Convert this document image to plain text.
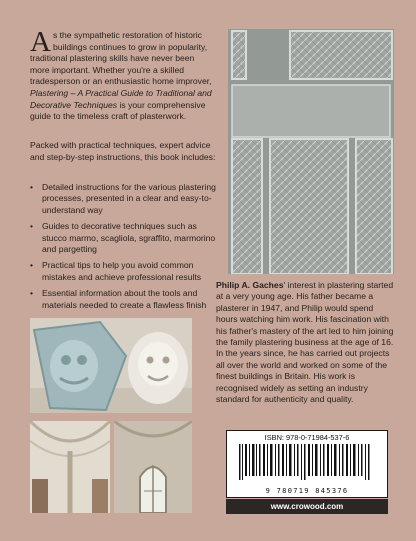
As the sympathetic restoration of historic buildings continues to grow in popularity, traditional plastering skills have never been more important. Whether you're a skilled tradesperson or an enthusiastic home improver, Plastering – A Practical Guide to Traditional and Decorative Techniques is your comprehensive guide to the timeless craft of plasterwork.

Packed with practical techniques, expert advice and step-by-step instructions, this book includes:

• Detailed instructions for the various plastering processes, presented in a clear and easy-to-understand way
• Guides to decorative techniques such as stucco marmo, scagliola, sgraffito, marmorino and pargetting
• Practical tips to help you avoid common mistakes and achieve professional results
• Essential information about the tools and materials needed to create a flawless finish

Philip A. Gaches' interest in plastering started at a very young age. His father became a plasterer in 1947, and Philip would spend hours watching him work. His fascination with his father's mastery of the art led to him joining the family plastering business at the age of 16. In the years since, he has carried out projects all over the world and worked on some of the finest buildings in Britain. His work is recognised widely as setting an industry standard for authenticity and quality.

ISBN: 978-0-71984-537-6
9 780719 845376
www.crowood.com
